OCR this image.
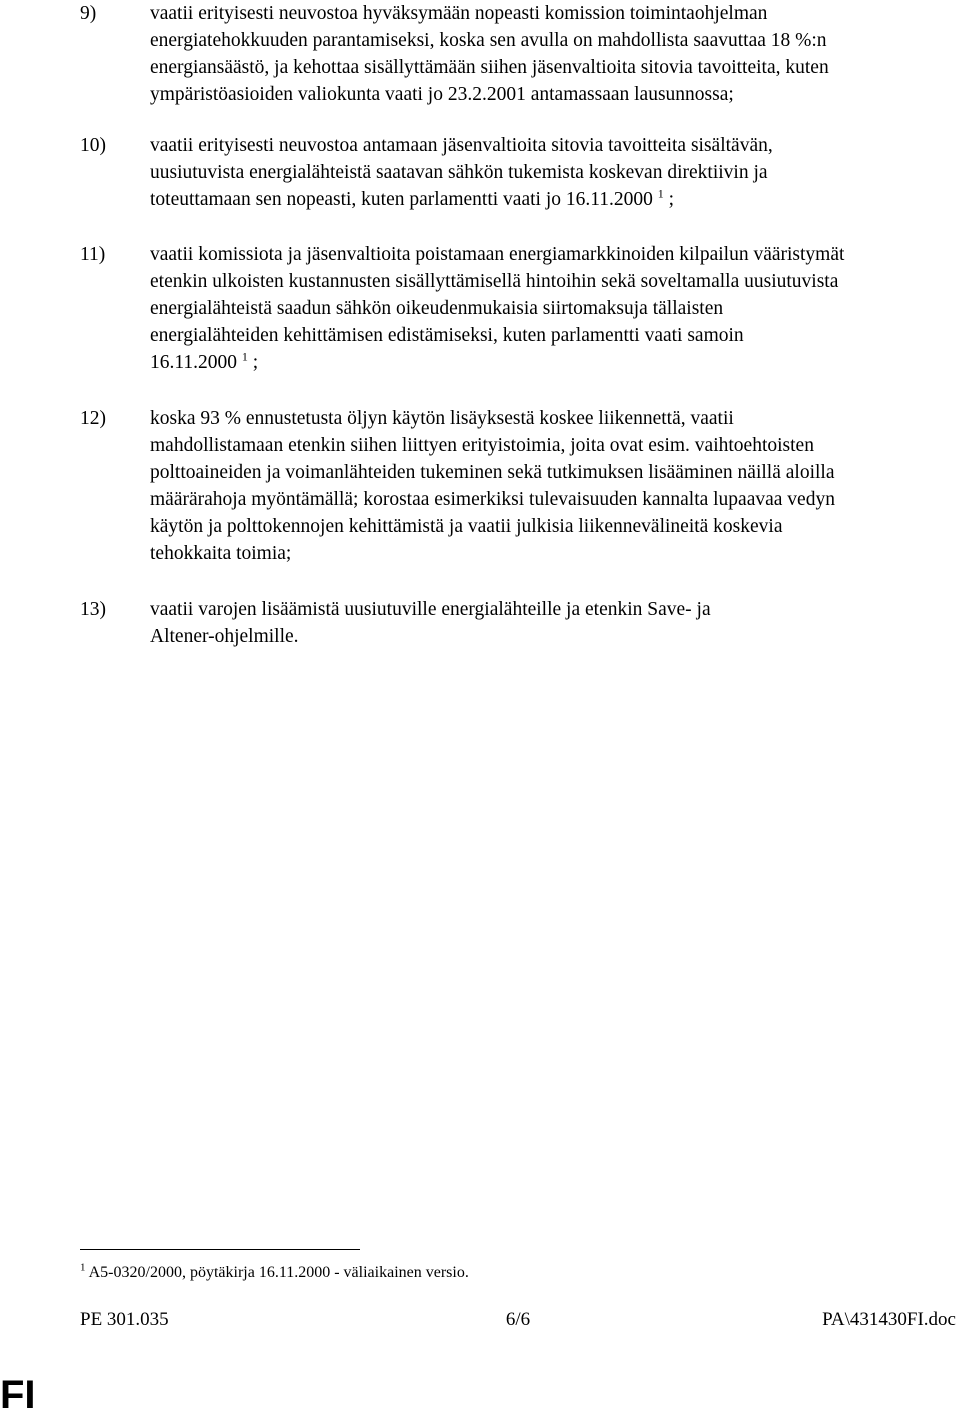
9)	vaatii erityisesti neuvostoa hyväksymään nopeasti komission toimintaohjelman
energiatehokkuuden parantamiseksi, koska sen avulla on mahdollista saavuttaa 18 %:n
energiansäästö, ja kehottaa sisällyttämään siihen jäsenvaltioita sitovia tavoitteita, kuten
ympäristöasioiden valiokunta vaati jo 23.2.2001 antamassaan lausunnossa;
10)	vaatii erityisesti neuvostoa antamaan jäsenvaltioita sitovia tavoitteita sisältävän,
uusiutuvista energialähteistä saatavan sähkön tukemista koskevan direktiivin ja
toteuttamaan sen nopeasti, kuten parlamentti vaati jo 16.11.2000 $^1$ ;
11)	vaatii komissiota ja jäsenvaltioita poistamaan energiamarkkinoiden kilpailun vääristymät
etenkin ulkoisten kustannusten sisällyttämisellä hintoihin sekä soveltamalla uusiutuvista
energialähteistä saadun sähkön oikeudenmukaisia siirtomaksuja tällaisten
energialähteiden kehittämisen edistämiseksi, kuten parlamentti vaati samoin
16.11.2000 $^1$ ;
12)	koska 93 % ennustetusta öljyn käytön lisäyksestä koskee liikennettä, vaatii
mahdollistamaan etenkin siihen liittyen erityistoimia, joita ovat esim. vaihtoehtoisten
polttoaineiden ja voimanlähteiden tukeminen sekä tutkimuksen lisääminen näillä aloilla
määrärahoja myöntämällä; korostaa esimerkiksi tulevaisuuden kannalta lupaavaa vedyn
käytön ja polttokennojen kehittämistä ja vaatii julkisia liikennevälineitä koskevia
tehokkaita toimia;
13)	vaatii varojen lisäämistä uusiutuville energialähteille ja etenkin Save- ja
Altener-ohjelmille.
$^1$ A5-0320/2000, pöytäkirja 16.11.2000 - väliaikainen versio.
PE 301.035	6/6	PA\431430FI.doc
FI
